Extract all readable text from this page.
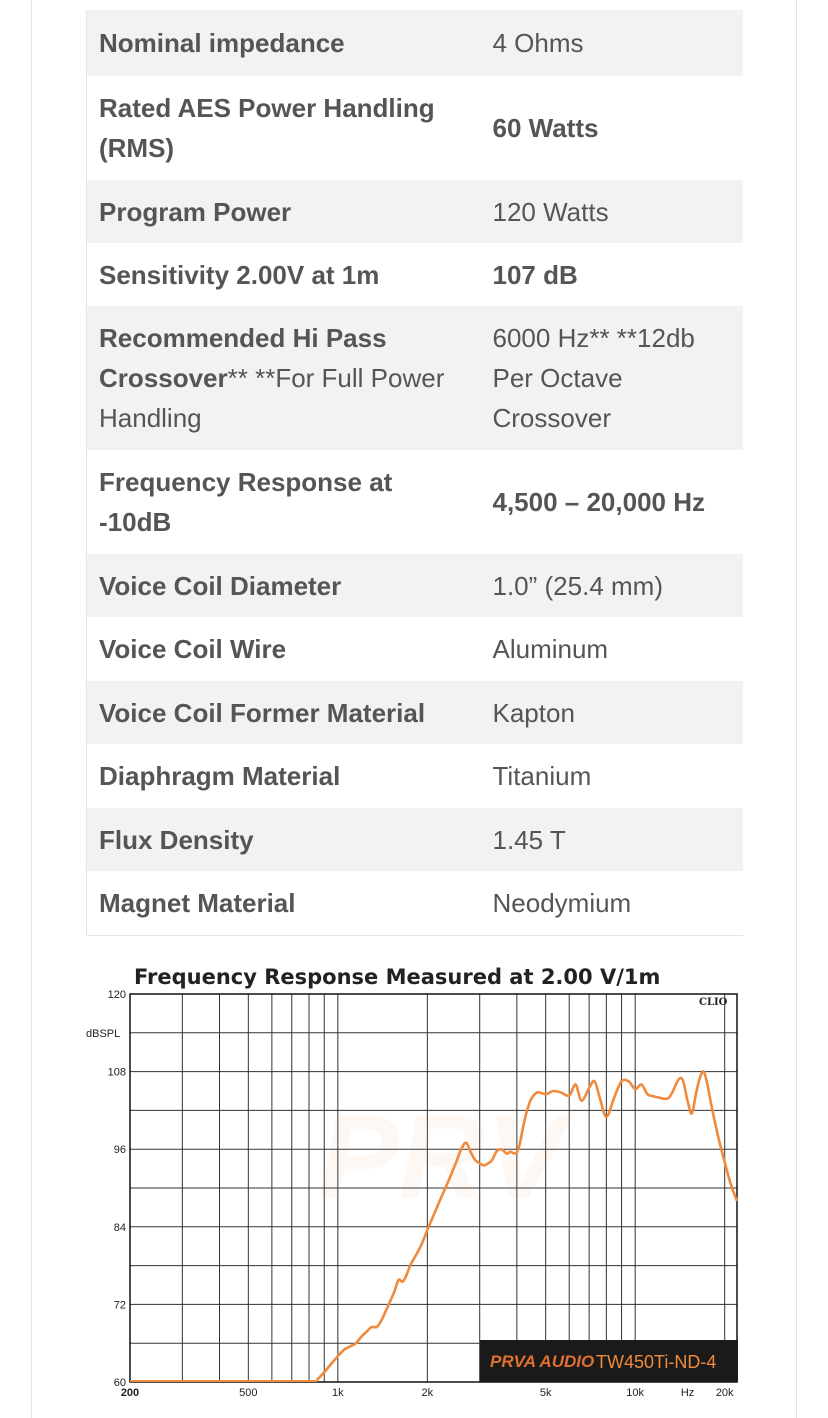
Nominal impedance	4 Ohms
Rated AES Power Handling (RMS)	60 Watts
Program Power	120 Watts
Sensitivity 2.00V at 1m	107 dB
Recommended Hi Pass Crossover** **For Full Power Handling	6000 Hz** **12db Per Octave Crossover
Frequency Response at -10dB	4,500 – 20,000 Hz
Voice Coil Diameter	1.0” (25.4 mm)
Voice Coil Wire	Aluminum
Voice Coil Former Material	Kapton
Diaphragm Material	Titanium
Flux Density	1.45 T
Magnet Material	Neodymium
Frequency Response Measured at 2.00 V/1m
dBSPL
PRV
60
72
84
96
108
120
200	500	1k	2k	5k	10k	20k
Hz
PRVA AUDIO TW450Ti-ND-4
CLIO
